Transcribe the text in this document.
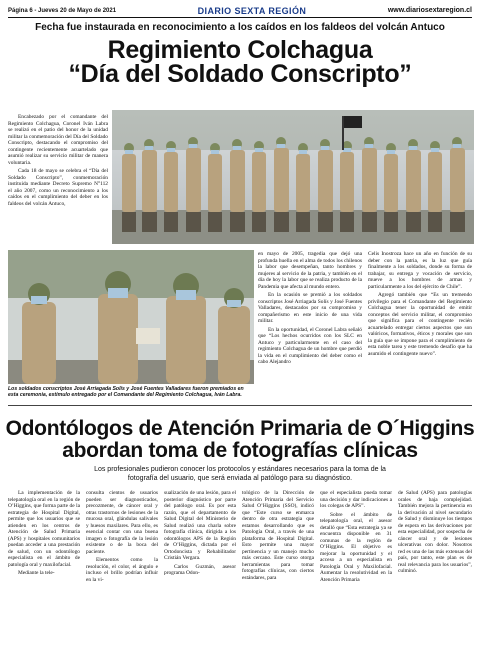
Página 6 - Jueves 20 de Mayo de 2021	DIARIO SEXTA REGIÓN	www.diariosextaregion.cl
Fecha fue instaurada en reconocimiento a los caídos en los faldeos del volcán Antuco
Regimiento Colchagua
“Día del Soldado Conscripto”

Encabezado por el comandante del Regimiento Colchagua, Coronel Iván Labra se realizó en el patio del honor de la unidad militar la conmemoración del Día del Soldado Conscripto, destacando el compromiso del contingente recientemente acuartelado que asumió realizar su servicio militar de manera voluntaria.

Cada 18 de mayo se celebra el “Día del Soldado Conscripto”, conmemoración instituida mediante Decreto Supremo N°112 el año 2007, como un reconocimiento a los caídos en el cumplimiento del deber en los faldeos del volcán Antuco,

en mayo de 2005, tragedia que dejó una profunda huella en el alma de todos los chilenos la labor que desempeñan, tanto hombres y mujeres al servicio de la patria, y también en el día de hoy la labor que se realiza producto de la Pandemia que afecta al mundo entero.

En la ocasión se premió a los soldados conscriptos José Arriagada Solís y José Fuentes Valladares, destacados por su compromiso y compañerismo en este inicio de una vida militar.

En la oportunidad, el Coronel Labra señaló que “Los hechos ocurridos con los SLC en Antuco y particularmente en el caso del regimiento Colchagua de un hombre que perdió la vida en el cumplimiento del deber como el cabo Alejandro

Celis Inostroza hace un año en función de su deber con la patria, es la luz que guía finalmente a los soldados, donde su forma de trabajar, su entrega y vocación de servicio, mueve a los hombres de armas y particularmente a los del ejército de Chile”.

Agregó también que “Es un tremendo privilegio para el Comandante del Regimiento Colchagua tener la oportunidad de emitir conceptos del servicio militar, el compromiso que significa para el contingente recién acuartelado entregar ciertos aspectos que son valóricos, formativos, éticos y morales que son la guía que se impone para el cumplimiento de esta noble tarea y este tremendo desafío que ha asumido el contingente nuevo”.

Los soldados conscriptos José Arriagada Solís y José Fuentes Valladares fueron premiados en esta ceremonia, estímulo entregado por el Comandante del Regimiento Colchagua, Iván Labra.
Odontólogos de Atención Primaria de O´Higgins
abordan toma de fotografías clínicas
Los profesionales pudieron conocer los protocolos y estándares necesarios para la toma de la fotografía del usuario, que será enviada al patólogo para su diagnóstico.

La implementación de la telepatología oral en la región de O’Higgins, que forma parte de la estrategia de Hospital Digital, permite que los usuarios que se atienden en los centros de Atención de Salud Primaria (APS) y hospitales comunitarios puedan acceder a una prestación de salud, con un odontólogo especialista en el ámbito de patología oral y maxilofacial.

Mediante la tele-

consulta cientos de usuarios pueden ser diagnosticados, precozmente, de cáncer oral y otras trastornos de lesiones de la mucosa oral, glándulas salivales y huesos maxilares. Para ello, es esencial contar con una buena imagen o fotografía de la lesión existente o de la boca del paciente.

Elementos como la resolución, el color, el ángulo e incluso el brillo podrían influir en la vi-

sualización de una lesión, para el posterior diagnóstico por parte del patólogo oral. Es por esta razón, que el departamento de Salud Digital del Ministerio de Salud realizó una charla sobre fotografía clínica, dirigida a los odontólogos APS de la Región de O’Higgins, dictada por el Ortodoncista y Rehabilitador Cristián Vergara.

Carlos Guzmán, asesor programa Odon-

tológico de la Dirección de Atención Primaria del Servicio Salud O’Higgins (SSO), indicó que “Este curso se enmarca dentro de otra estrategia que estamos desarrollando que es Patología Oral, a través de una plataforma de Hospital Digital. Esto permite una mayor pertinencia y un manejo mucho más cercano. Este curso otorga herramientas para tomar fotografías clínicas, con ciertos estándares, para

que el especialista pueda tomar una decisión y dar indicaciones a los colegas de APS”.

Sobre el ámbito de telepatología oral, el asesor detalló que “Esta estrategia ya se encuentra disponible en 31 comunas de la región de O’Higgins. El objetivo es mejorar la oportunidad y el acceso a un especialista en Patología Oral y Maxilofacial. Aumentar la resolutividad en la Atención Primaria

de Salud (APS) para patologías orales de baja complejidad. También mejora la pertinencia en la derivación al nivel secundario de Salud y disminuye los tiempos de espera en las derivaciones por esta especialidad, por sospecha de cáncer oral y de lesiones ulcerativas con dolor. Nosotros red es una de las más extensas del país, por tanto, este plan es de real relevancia para los usuarios”, culminó.
